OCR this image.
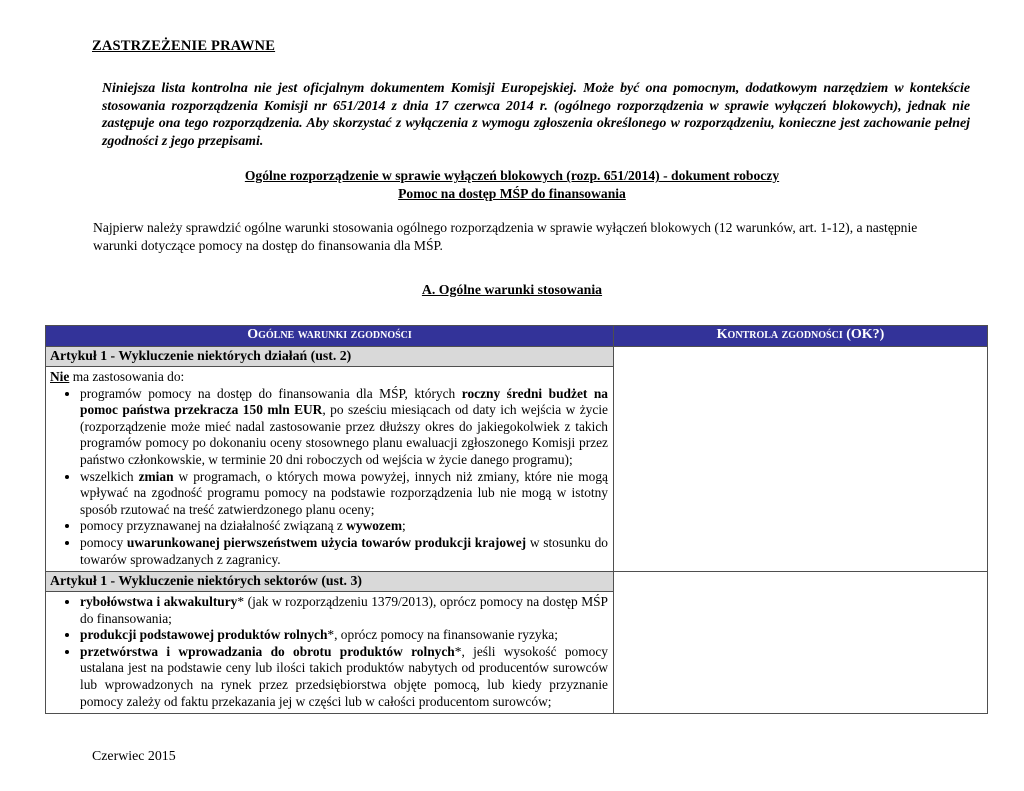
ZASTRZEŻENIE PRAWNE
Niniejsza lista kontrolna nie jest oficjalnym dokumentem Komisji Europejskiej. Może być ona pomocnym, dodatkowym narzędziem w kontekście stosowania rozporządzenia Komisji nr 651/2014 z dnia 17 czerwca 2014 r. (ogólnego rozporządzenia w sprawie wyłączeń blokowych), jednak nie zastępuje ona tego rozporządzenia. Aby skorzystać z wyłączenia z wymogu zgłoszenia określonego w rozporządzeniu, konieczne jest zachowanie pełnej zgodności z jego przepisami.
Ogólne rozporządzenie w sprawie wyłączeń blokowych (rozp. 651/2014) - dokument roboczy
Pomoc na dostęp MŚP do finansowania
Najpierw należy sprawdzić ogólne warunki stosowania ogólnego rozporządzenia w sprawie wyłączeń blokowych (12 warunków, art. 1-12), a następnie warunki dotyczące pomocy na dostęp do finansowania dla MŚP.
A. Ogólne warunki stosowania
Ogólne warunki zgodności	Kontrola zgodności (OK?)
Artykuł 1 - Wykluczenie niektórych działań (ust. 2)	

Nie ma zastosowania do:
• programów pomocy na dostęp do finansowania dla MŚP, których roczny średni budżet na pomoc państwa przekracza 150 mln EUR, po sześciu miesiącach od daty ich wejścia w życie (rozporządzenie może mieć nadal zastosowanie przez dłuższy okres do jakiegokolwiek z takich programów pomocy po dokonaniu oceny stosownego planu ewaluacji zgłoszonego Komisji przez państwo członkowskie, w terminie 20 dni roboczych od wejścia w życie danego programu);
• wszelkich zmian w programach, o których mowa powyżej, innych niż zmiany, które nie mogą wpływać na zgodność programu pomocy na podstawie rozporządzenia lub nie mogą w istotny sposób rzutować na treść zatwierdzonego planu oceny;
• pomocy przyznawanej na działalność związaną z wywozem;
• pomocy uwarunkowanej pierwszeństwem użycia towarów produkcji krajowej w stosunku do towarów sprowadzanych z zagranicy.

Artykuł 1 - Wykluczenie niektórych sektorów (ust. 3)	

• rybołówstwa i akwakultury* (jak w rozporządzeniu 1379/2013), oprócz pomocy na dostęp MŚP do finansowania;
• produkcji podstawowej produktów rolnych*, oprócz pomocy na finansowanie ryzyka;
• przetwórstwa i wprowadzania do obrotu produktów rolnych*, jeśli wysokość pomocy ustalana jest na podstawie ceny lub ilości takich produktów nabytych od producentów surowców lub wprowadzonych na rynek przez przedsiębiorstwa objęte pomocą, lub kiedy przyznanie pomocy zależy od faktu przekazania jej w części lub w całości producentom surowców;
Czerwiec 2015
